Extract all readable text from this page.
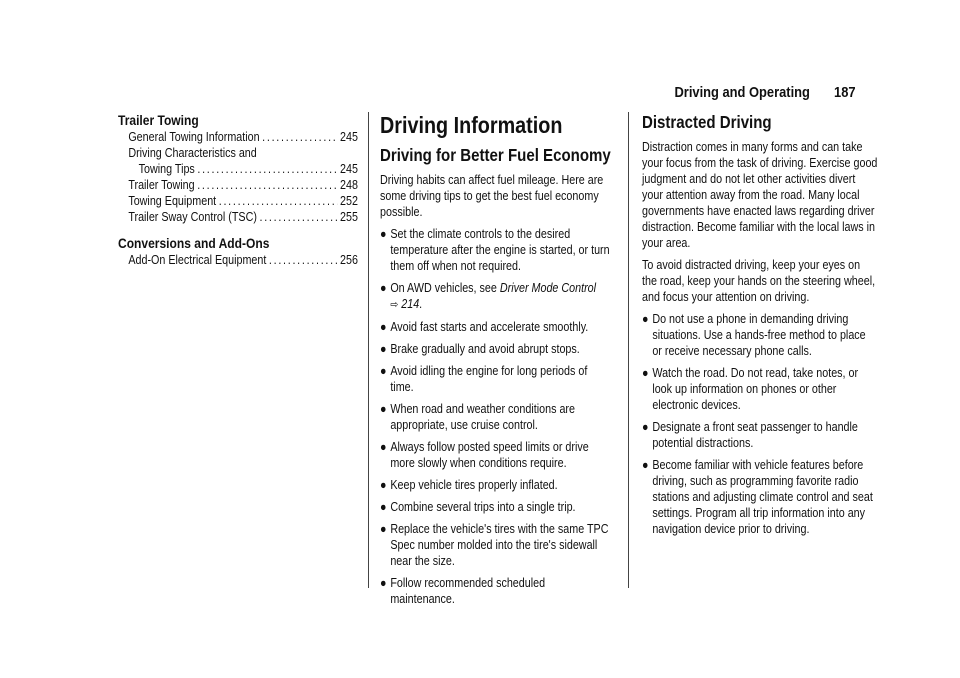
Driving and Operating 187
Trailer Towing
General Towing Information .....	245
Driving Characteristics and
Towing Tips .....	245
Trailer Towing .....	248
Towing Equipment .....	252
Trailer Sway Control (TSC) .....	255
Conversions and Add-Ons
Add-On Electrical Equipment .....	256
Driving Information
Driving for Better Fuel Economy

Driving habits can affect fuel mileage. Here are some driving tips to get the best fuel economy possible.

● Set the climate controls to the desired temperature after the engine is started, or turn them off when not required.
● On AWD vehicles, see Driver Mode Control
⇨ 214.
● Avoid fast starts and accelerate smoothly.
● Brake gradually and avoid abrupt stops.
● Avoid idling the engine for long periods of time.
● When road and weather conditions are appropriate, use cruise control.
● Always follow posted speed limits or drive more slowly when conditions require.
● Keep vehicle tires properly inflated.
● Combine several trips into a single trip.
● Replace the vehicle's tires with the same TPC Spec number molded into the tire's sidewall near the size.
● Follow recommended scheduled maintenance.
Distracted Driving

Distraction comes in many forms and can take your focus from the task of driving. Exercise good judgment and do not let other activities divert your attention away from the road. Many local governments have enacted laws regarding driver distraction. Become familiar with the local laws in your area.

To avoid distracted driving, keep your eyes on the road, keep your hands on the steering wheel, and focus your attention on driving.

● Do not use a phone in demanding driving situations. Use a hands-free method to place or receive necessary phone calls.
● Watch the road. Do not read, take notes, or look up information on phones or other electronic devices.
● Designate a front seat passenger to handle potential distractions.
● Become familiar with vehicle features before driving, such as programming favorite radio stations and adjusting climate control and seat settings. Program all trip information into any navigation device prior to driving.
